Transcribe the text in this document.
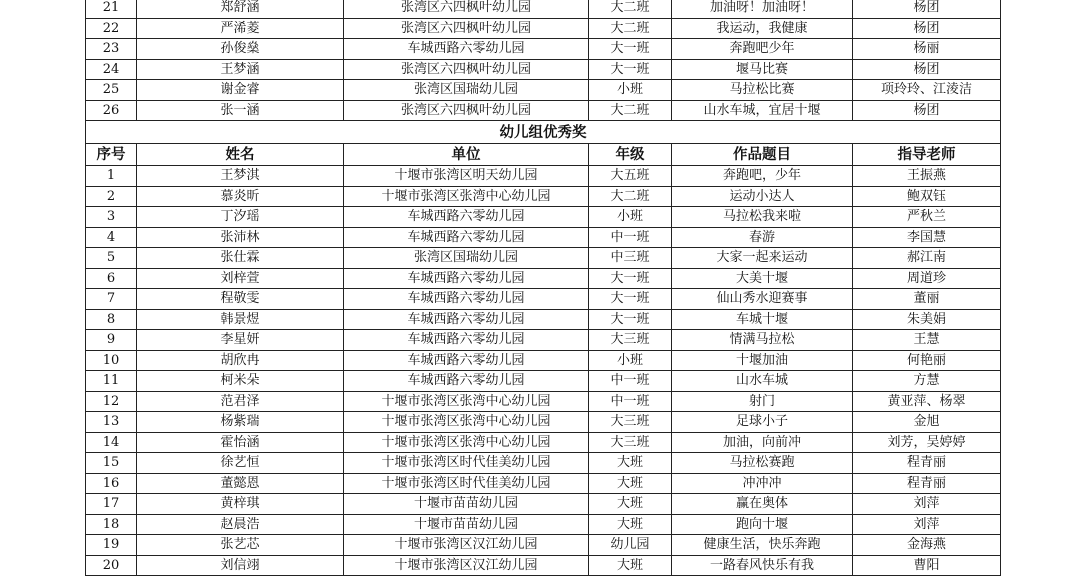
21	郑舒涵	张湾区六四枫叶幼儿园	大二班	加油呀！加油呀！	杨团
22	严浠菱	张湾区六四枫叶幼儿园	大二班	我运动，我健康	杨团
23	孙俊燊	车城西路六零幼儿园	大一班	奔跑吧少年	杨丽
24	王梦涵	张湾区六四枫叶幼儿园	大一班	堰马比赛	杨团
25	谢金睿	张湾区国瑞幼儿园	小班	马拉松比赛	项玲玲、江淩洁
26	张一涵	张湾区六四枫叶幼儿园	大二班	山水车城，宜居十堰	杨团
幼儿组优秀奖					
序号	姓名	单位	年级	作品题目	指导老师
1	王梦淇	十堰市张湾区明天幼儿园	大五班	奔跑吧，少年	王振燕
2	慕炎昕	十堰市张湾区张湾中心幼儿园	大二班	运动小达人	鲍双钰
3	丁汐瑶	车城西路六零幼儿园	小班	马拉松我来啦	严秋兰
4	张沛林	车城西路六零幼儿园	中一班	春游	李国慧
5	张仕霖	张湾区国瑞幼儿园	中三班	大家一起来运动	郝江南
6	刘梓萱	车城西路六零幼儿园	大一班	大美十堰	周道珍
7	程敬雯	车城西路六零幼儿园	大一班	仙山秀水迎赛事	董丽
8	韩景煜	车城西路六零幼儿园	大一班	车城十堰	朱美娟
9	李星妍	车城西路六零幼儿园	大三班	情满马拉松	王慧
10	胡欣冉	车城西路六零幼儿园	小班	十堰加油	何艳丽
11	柯米朵	车城西路六零幼儿园	中一班	山水车城	方慧
12	范君泽	十堰市张湾区张湾中心幼儿园	中一班	射门	黄亚萍、杨翠
13	杨紫瑞	十堰市张湾区张湾中心幼儿园	大三班	足球小子	金旭
14	霍怡涵	十堰市张湾区张湾中心幼儿园	大三班	加油，向前冲	刘芳，吴婷婷
15	徐艺恒	十堰市张湾区时代佳美幼儿园	大班	马拉松赛跑	程青丽
16	董懿恩	十堰市张湾区时代佳美幼儿园	大班	冲冲冲	程青丽
17	黄梓琪	十堰市苗苗幼儿园	大班	赢在奥体	刘萍
18	赵晨浩	十堰市苗苗幼儿园	大班	跑向十堰	刘萍
19	张艺芯	十堰市张湾区汉江幼儿园	幼儿园	健康生活，快乐奔跑	金海燕
20	刘信翊	十堰市张湾区汉江幼儿园	大班	一路春风快乐有我	曹阳
